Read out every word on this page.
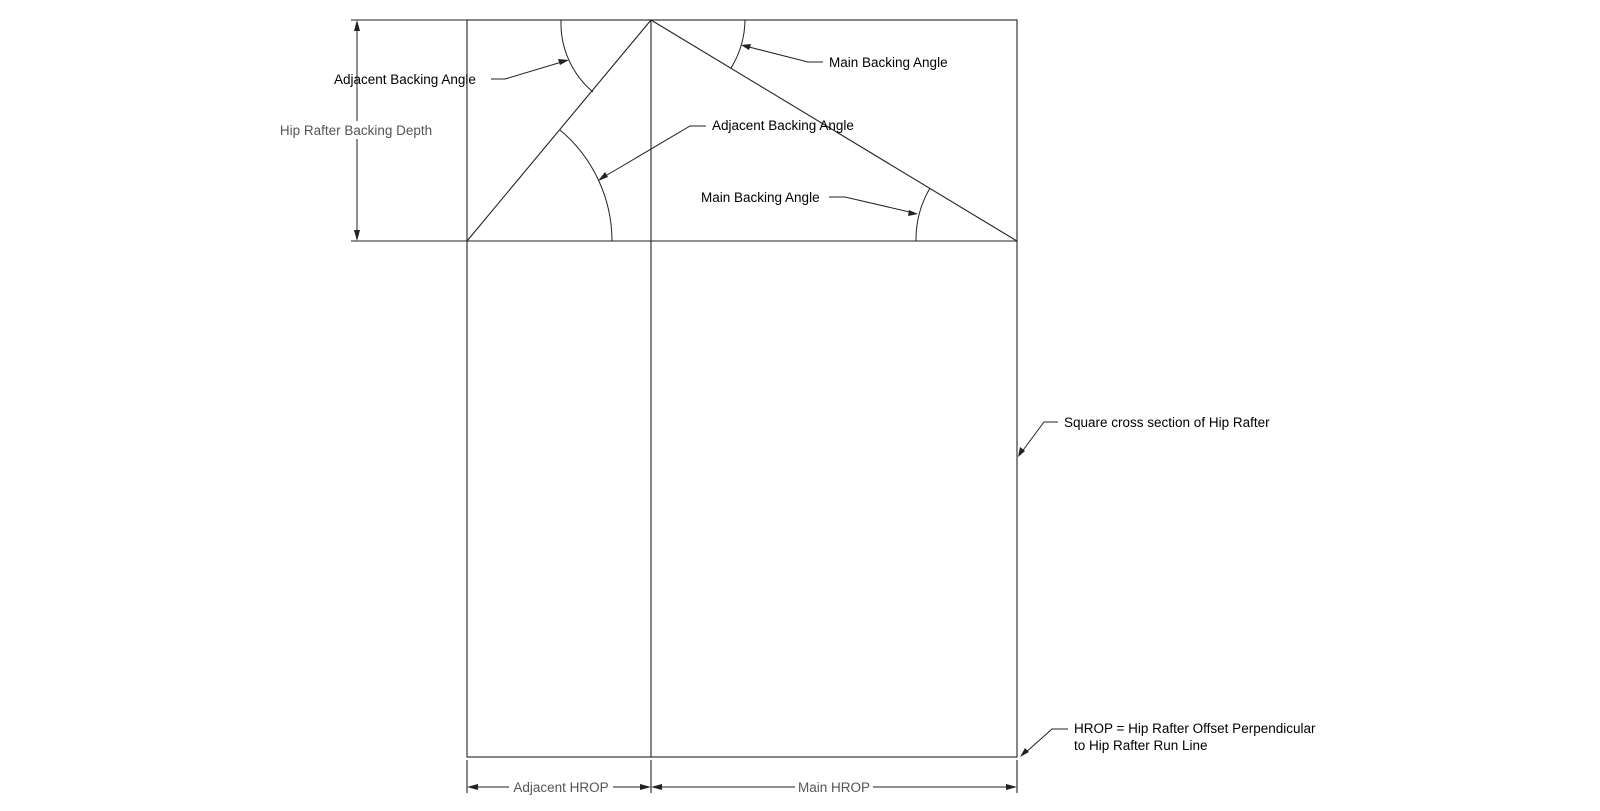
Hip Rafter Backing Depth
Adjacent Backing Angle
Main Backing Angle
Adjacent Backing Angle
Main Backing Angle
Square cross section of Hip Rafter
HROP = Hip Rafter Offset Perpendicular
to Hip Rafter Run Line
Adjacent HROP	Main HROP
